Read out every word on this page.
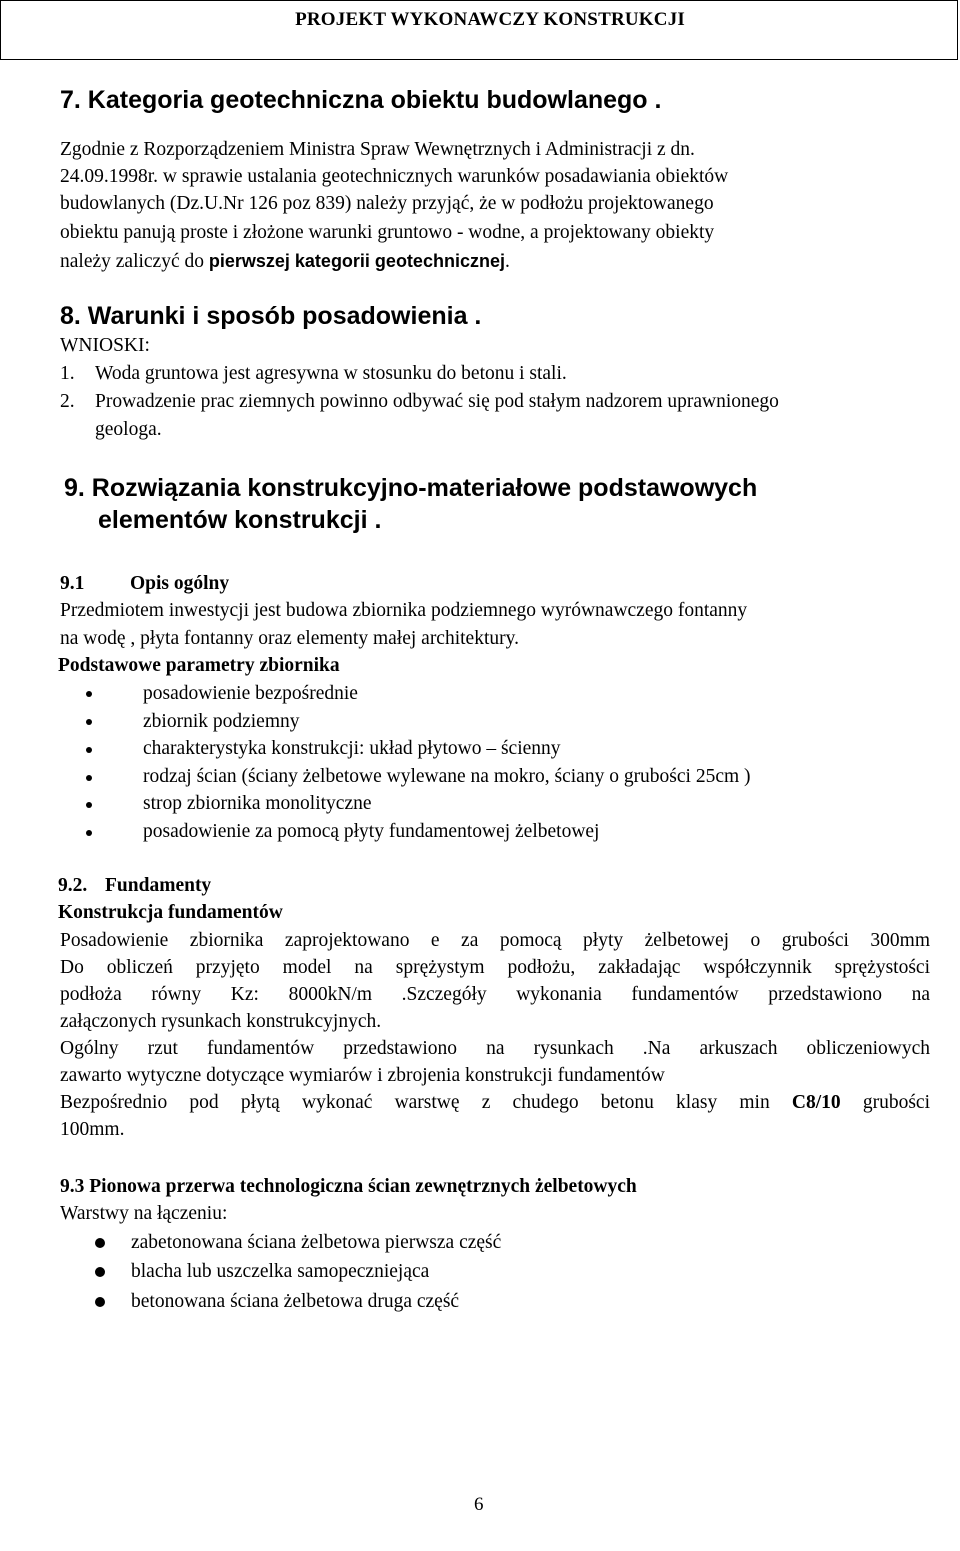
PROJEKT WYKONAWCZY KONSTRUKCJI
7. Kategoria geotechniczna obiektu budowlanego .
Zgodnie z Rozporządzeniem Ministra Spraw Wewnętrznych i Administracji z dn.
24.09.1998r. w sprawie ustalania geotechnicznych warunków posadawiania obiektów
budowlanych (Dz.U.Nr 126 poz 839) należy przyjąć, że w podłożu projektowanego
obiektu panują proste i złożone warunki gruntowo - wodne, a projektowany obiekty
należy zaliczyć do pierwszej kategorii geotechnicznej.
8. Warunki i sposób posadowienia .
WNIOSKI:
1. Woda gruntowa jest agresywna w stosunku do betonu i stali.
2. Prowadzenie prac ziemnych powinno odbywać się pod stałym nadzorem uprawnionego
geologa.
9. Rozwiązania konstrukcyjno-materiałowe podstawowych
elementów konstrukcji .
9.1 Opis ogólny
Przedmiotem inwestycji jest budowa zbiornika podziemnego wyrównawczego fontanny
na wodę , płyta fontanny oraz elementy małej architektury.
Podstawowe parametry zbiornika
posadowienie bezpośrednie
zbiornik podziemny
charakterystyka konstrukcji: układ płytowo – ścienny
rodzaj ścian (ściany żelbetowe wylewane na mokro, ściany o grubości 25cm )
strop zbiornika monolityczne
posadowienie za pomocą płyty fundamentowej żelbetowej
9.2. Fundamenty
Konstrukcja fundamentów
Posadowienie zbiornika zaprojektowano e za pomocą płyty żelbetowej o grubości 300mm
Do obliczeń przyjęto model na sprężystym podłożu, zakładając współczynnik sprężystości
podłoża równy Kz: 8000kN/m .Szczegóły wykonania fundamentów przedstawiono na
załączonych rysunkach konstrukcyjnych.
Ogólny rzut fundamentów przedstawiono na rysunkach .Na arkuszach obliczeniowych
zawarto wytyczne dotyczące wymiarów i zbrojenia konstrukcji fundamentów
Bezpośrednio pod płytą wykonać warstwę z chudego betonu klasy min C8/10 grubości
100mm.
9.3 Pionowa przerwa technologiczna ścian zewnętrznych żelbetowych
Warstwy na łączeniu:
zabetonowana ściana żelbetowa pierwsza część
blacha lub uszczelka samopeczniejąca
betonowana ściana żelbetowa druga część
6
